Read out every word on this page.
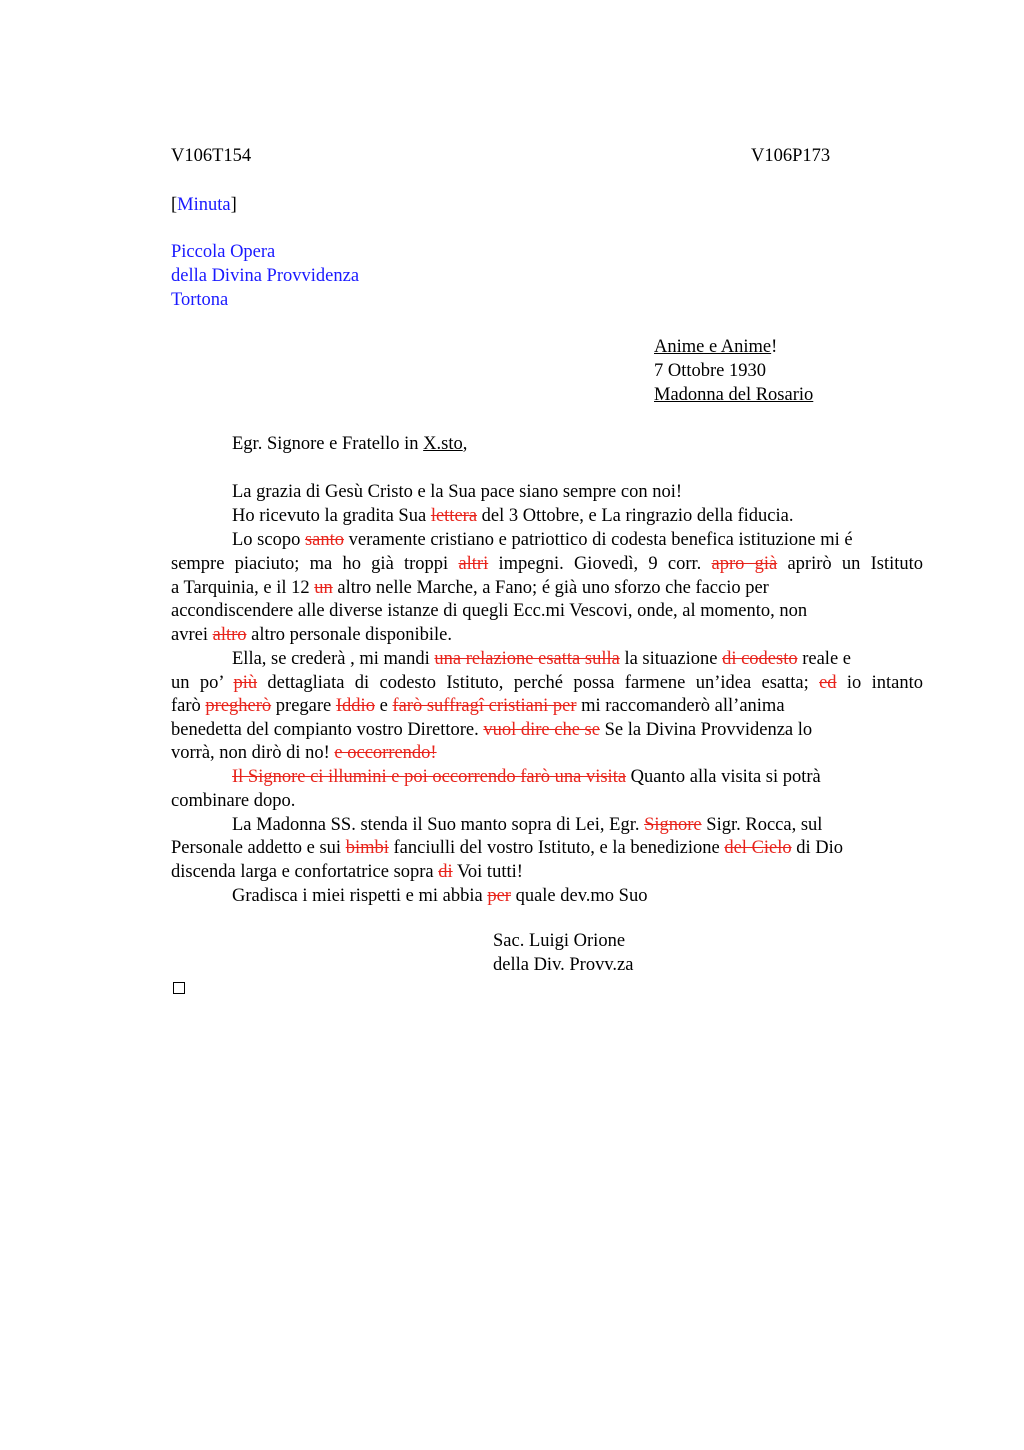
V106T154	V106P173
[Minuta]
Piccola Opera
della Divina Provvidenza
Tortona
Anime e Anime!
7 Ottobre 1930
Madonna del Rosario
Egr. Signore e Fratello in X.sto,
La grazia di Gesù Cristo e la Sua pace siano sempre con noi!
Ho ricevuto la gradita Sua lettera del 3 Ottobre, e La ringrazio della fiducia.
Lo scopo santo veramente cristiano e patriottico di codesta benefica istituzione mi é
sempre piaciuto; ma ho già troppi altri impegni. Giovedì, 9 corr. apro già aprirò un Istituto
a Tarquinia, e il 12 un altro nelle Marche, a Fano; é già uno sforzo che faccio per
accondiscendere alle diverse istanze di quegli Ecc.mi Vescovi, onde, al momento, non
avrei altro altro personale disponibile.
Ella, se crederà , mi mandi una relazione esatta sulla la situazione di codesto reale e
un po’ più dettagliata di codesto Istituto, perché possa farmene un’idea esatta; ed io intanto
farò pregherò pregare Iddio e farò suffragî cristiani per mi raccomanderò all’anima
benedetta del compianto vostro Direttore. vuol dire che se Se la Divina Provvidenza lo
vorrà, non dirò di no! e occorrendo!
Il Signore ci illumini e poi occorrendo farò una visita Quanto alla visita si potrà
combinare dopo.
La Madonna SS. stenda il Suo manto sopra di Lei, Egr. Signore Sigr. Rocca, sul
Personale addetto e sui bimbi fanciulli del vostro Istituto, e la benedizione del Cielo di Dio
discenda larga e confortatrice sopra di Voi tutti!
Gradisca i miei rispetti e mi abbia per quale dev.mo Suo
Sac. Luigi Orione
della Div. Provv.za
